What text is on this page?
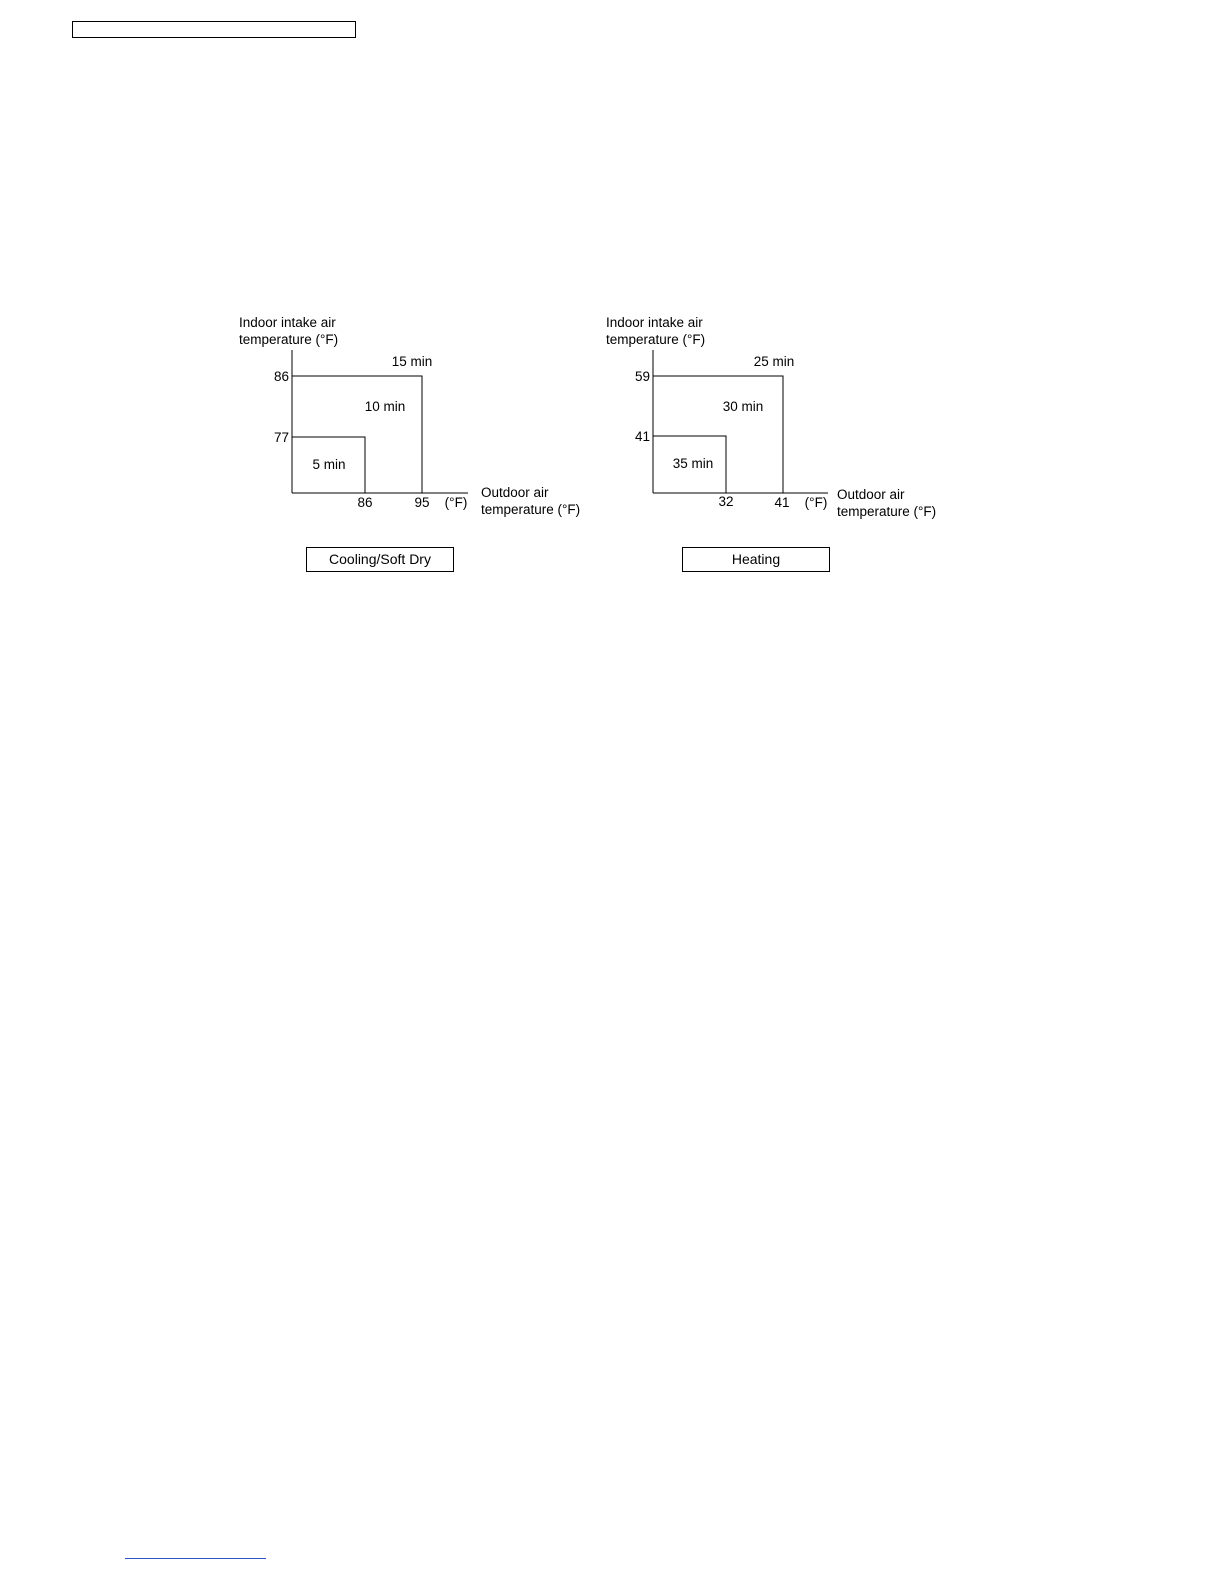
Indoor intake air
temperature (°F)
86
77
15 min
10 min
5 min
86	95 (°F)
Outdoor air
temperature (°F)
Indoor intake air
temperature (°F)
59
41
25 min
30 min
35 min
32	41 (°F)
Outdoor air
temperature (°F)
Cooling/Soft Dry	Heating
